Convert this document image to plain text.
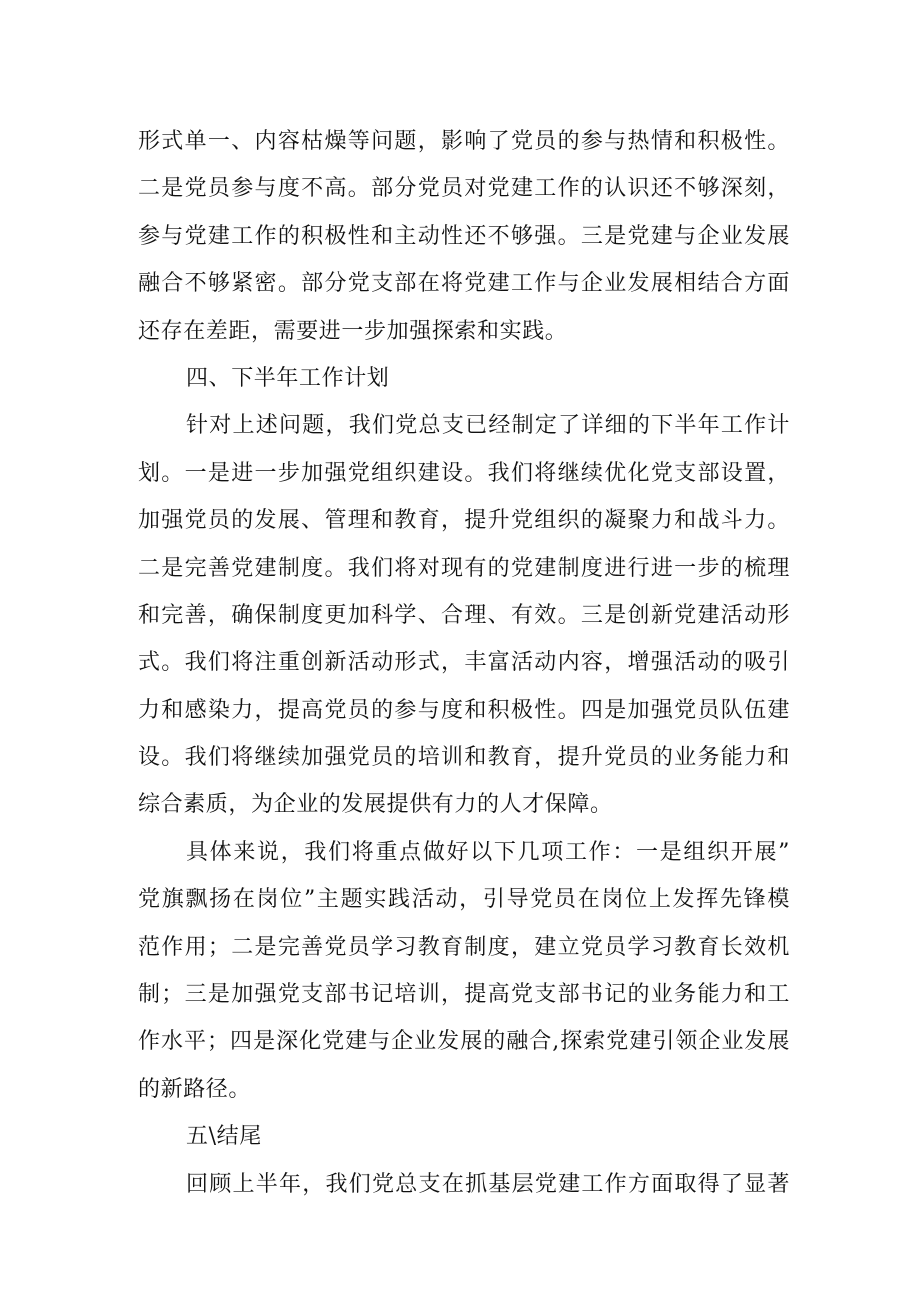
形式单一、内容枯燥等问题，影响了党员的参与热情和积极性。
二是党员参与度不高。部分党员对党建工作的认识还不够深刻，
参与党建工作的积极性和主动性还不够强。三是党建与企业发展
融合不够紧密。部分党支部在将党建工作与企业发展相结合方面
还存在差距，需要进一步加强探索和实践。
四、下半年工作计划
针对上述问题，我们党总支已经制定了详细的下半年工作计
划。一是进一步加强党组织建设。我们将继续优化党支部设置，
加强党员的发展、管理和教育，提升党组织的凝聚力和战斗力。
二是完善党建制度。我们将对现有的党建制度进行进一步的梳理
和完善，确保制度更加科学、合理、有效。三是创新党建活动形
式。我们将注重创新活动形式，丰富活动内容，增强活动的吸引
力和感染力，提高党员的参与度和积极性。四是加强党员队伍建
设。我们将继续加强党员的培训和教育，提升党员的业务能力和
综合素质，为企业的发展提供有力的人才保障。
具体来说，我们将重点做好以下几项工作：一是组织开展”
党旗飘扬在岗位”主题实践活动，引导党员在岗位上发挥先锋模
范作用；二是完善党员学习教育制度，建立党员学习教育长效机
制；三是加强党支部书记培训，提高党支部书记的业务能力和工
作水平；四是深化党建与企业发展的融合,探索党建引领企业发展
的新路径。
五\结尾
回顾上半年，我们党总支在抓基层党建工作方面取得了显著
